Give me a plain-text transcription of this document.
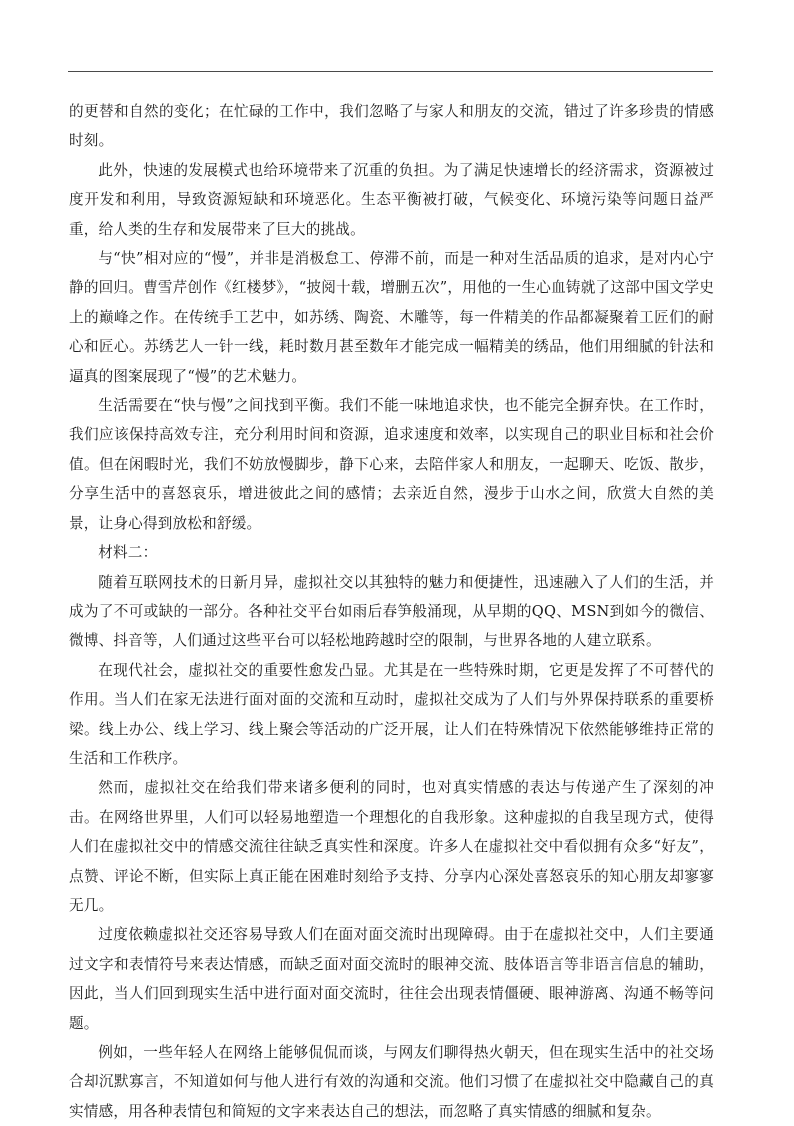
的更替和自然的变化；在忙碌的工作中，我们忽略了与家人和朋友的交流，错过了许多珍贵的情感时刻。

此外，快速的发展模式也给环境带来了沉重的负担。为了满足快速增长的经济需求，资源被过度开发和利用，导致资源短缺和环境恶化。生态平衡被打破，气候变化、环境污染等问题日益严重，给人类的生存和发展带来了巨大的挑战。

与“快”相对应的“慢”，并非是消极怠工、停滞不前，而是一种对生活品质的追求，是对内心宁静的回归。曹雪芹创作《红楼梦》，“披阅十载，增删五次”，用他的一生心血铸就了这部中国文学史上的巅峰之作。在传统手工艺中，如苏绣、陶瓷、木雕等，每一件精美的作品都凝聚着工匠们的耐心和匠心。苏绣艺人一针一线，耗时数月甚至数年才能完成一幅精美的绣品，他们用细腻的针法和逼真的图案展现了“慢”的艺术魅力。

生活需要在“快与慢”之间找到平衡。我们不能一味地追求快，也不能完全摒弃快。在工作时，我们应该保持高效专注，充分利用时间和资源，追求速度和效率，以实现自己的职业目标和社会价值。但在闲暇时光，我们不妨放慢脚步，静下心来，去陪伴家人和朋友，一起聊天、吃饭、散步，分享生活中的喜怒哀乐，增进彼此之间的感情；去亲近自然，漫步于山水之间，欣赏大自然的美景，让身心得到放松和舒缓。

材料二：

随着互联网技术的日新月异，虚拟社交以其独特的魅力和便捷性，迅速融入了人们的生活，并成为了不可或缺的一部分。各种社交平台如雨后春笋般涌现，从早期的QQ、MSN到如今的微信、微博、抖音等，人们通过这些平台可以轻松地跨越时空的限制，与世界各地的人建立联系。

在现代社会，虚拟社交的重要性愈发凸显。尤其是在一些特殊时期，它更是发挥了不可替代的作用。当人们在家无法进行面对面的交流和互动时，虚拟社交成为了人们与外界保持联系的重要桥梁。线上办公、线上学习、线上聚会等活动的广泛开展，让人们在特殊情况下依然能够维持正常的生活和工作秩序。

然而，虚拟社交在给我们带来诸多便利的同时，也对真实情感的表达与传递产生了深刻的冲击。在网络世界里，人们可以轻易地塑造一个理想化的自我形象。这种虚拟的自我呈现方式，使得人们在虚拟社交中的情感交流往往缺乏真实性和深度。许多人在虚拟社交中看似拥有众多“好友”，点赞、评论不断，但实际上真正能在困难时刻给予支持、分享内心深处喜怒哀乐的知心朋友却寥寥无几。

过度依赖虚拟社交还容易导致人们在面对面交流时出现障碍。由于在虚拟社交中，人们主要通过文字和表情符号来表达情感，而缺乏面对面交流时的眼神交流、肢体语言等非语言信息的辅助，因此，当人们回到现实生活中进行面对面交流时，往往会出现表情僵硬、眼神游离、沟通不畅等问题。

例如，一些年轻人在网络上能够侃侃而谈，与网友们聊得热火朝天，但在现实生活中的社交场合却沉默寡言，不知道如何与他人进行有效的沟通和交流。他们习惯了在虚拟社交中隐藏自己的真实情感，用各种表情包和简短的文字来表达自己的想法，而忽略了真实情感的细腻和复杂。
